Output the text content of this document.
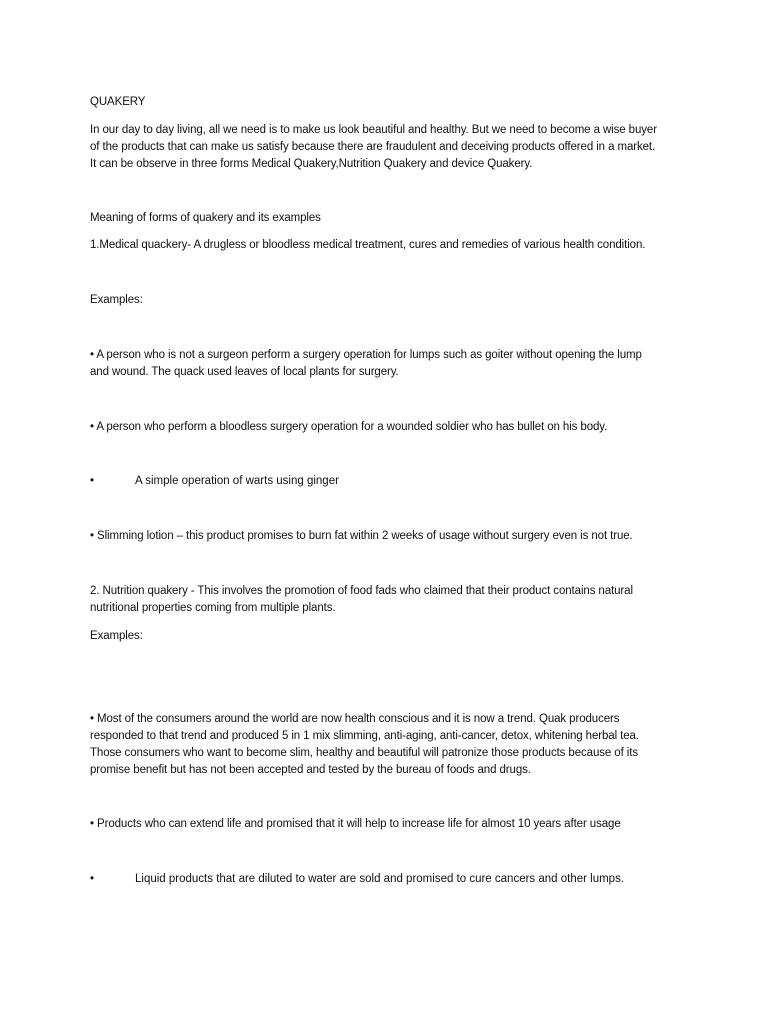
QUAKERY
In our day to day living, all we need is to make us look beautiful and healthy. But we need to become a wise buyer
of the products that can make us satisfy because there are fraudulent and deceiving products offered in a market.
It can be observe in three forms Medical Quakery,Nutrition Quakery and device Quakery.
Meaning of forms of quakery and its examples
1.Medical quackery- A drugless or bloodless medical treatment, cures and remedies of various health condition.
Examples:
• A person who is not a surgeon perform a surgery operation for lumps such as goiter without opening the lump
and wound. The quack used leaves of local plants for surgery.
• A person who perform a bloodless surgery operation for a wounded soldier who has bullet on his body.
•	A simple operation of warts using ginger
• Slimming lotion – this product promises to burn fat within 2 weeks of usage without surgery even is not true.
2. Nutrition quakery - This involves the promotion of food fads who claimed that their product contains natural
nutritional properties coming from multiple plants.
Examples:
• Most of the consumers around the world are now health conscious and it is now a trend. Quak producers
responded to that trend and produced 5 in 1 mix slimming, anti-aging, anti-cancer, detox, whitening herbal tea.
Those consumers who want to become slim, healthy and beautiful will patronize those products because of its
promise benefit but has not been accepted and tested by the bureau of foods and drugs.
• Products who can extend life and promised that it will help to increase life for almost 10 years after usage
•	Liquid products that are diluted to water are sold and promised to cure cancers and other lumps.
